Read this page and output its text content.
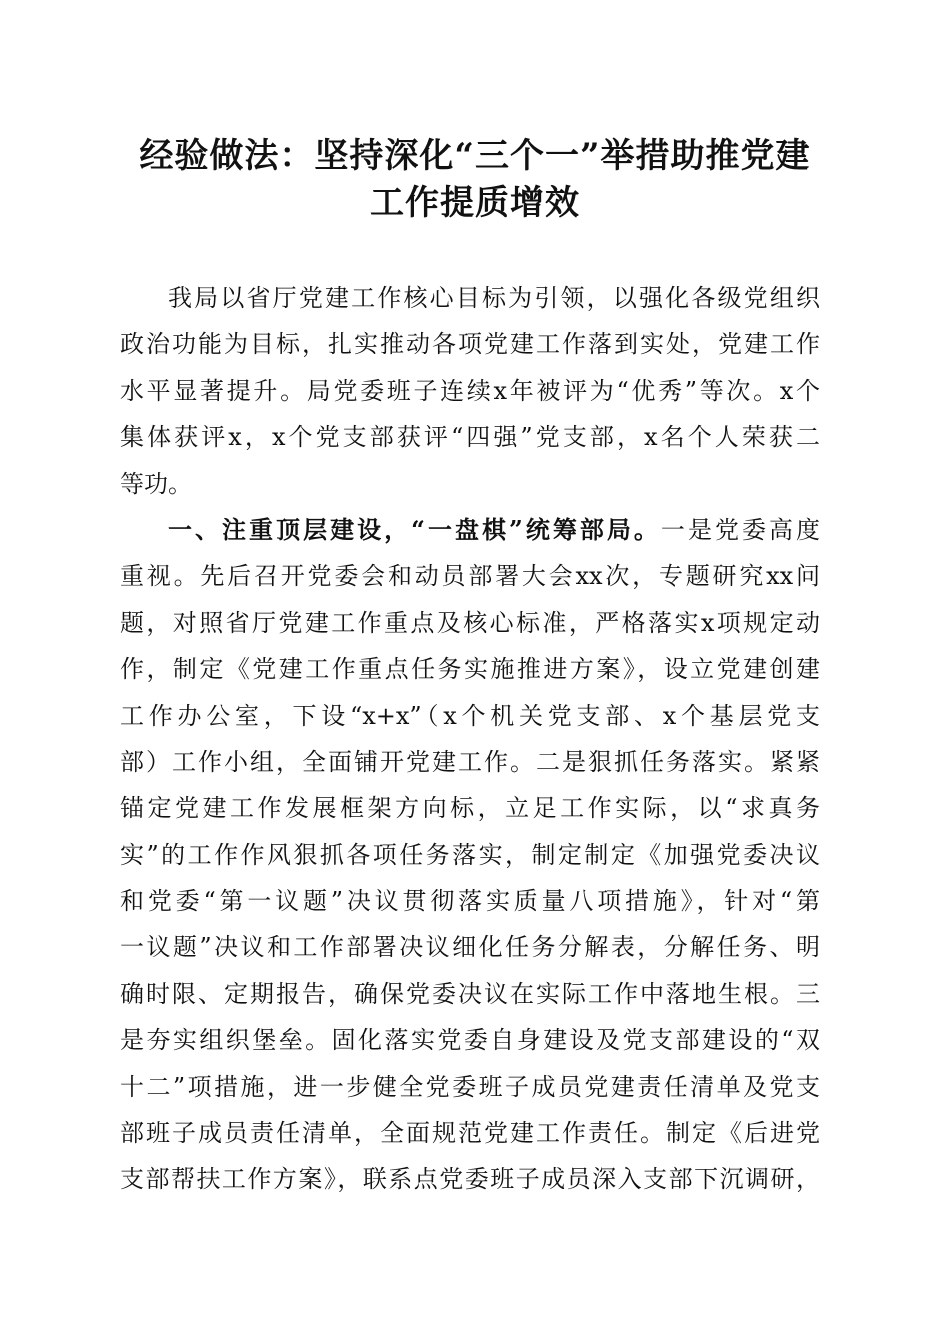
经验做法：坚持深化“三个一”举措助推党建
工作提质增效
我局以省厅党建工作核心目标为引领，以强化各级党组织
政治功能为目标，扎实推动各项党建工作落到实处，党建工作
水平显著提升。局党委班子连续x年被评为“优秀”等次。x个
集体获评x，x个党支部获评“四强”党支部，x名个人荣获二
等功。
一、注重顶层建设，“一盘棋”统筹部局。一是党委高度
重视。先后召开党委会和动员部署大会xx次，专题研究xx问
题，对照省厅党建工作重点及核心标准，严格落实x项规定动
作，制定《党建工作重点任务实施推进方案》，设立党建创建
工作办公室，下设“x+x”（x个机关党支部、x个基层党支
部）工作小组，全面铺开党建工作。二是狠抓任务落实。紧紧
锚定党建工作发展框架方向标，立足工作实际，以“求真务
实”的工作作风狠抓各项任务落实，制定制定《加强党委决议
和党委“第一议题”决议贯彻落实质量八项措施》，针对“第
一议题”决议和工作部署决议细化任务分解表，分解任务、明
确时限、定期报告，确保党委决议在实际工作中落地生根。三
是夯实组织堡垒。固化落实党委自身建设及党支部建设的“双
十二”项措施，进一步健全党委班子成员党建责任清单及党支
部班子成员责任清单，全面规范党建工作责任。制定《后进党
支部帮扶工作方案》，联系点党委班子成员深入支部下沉调研，
